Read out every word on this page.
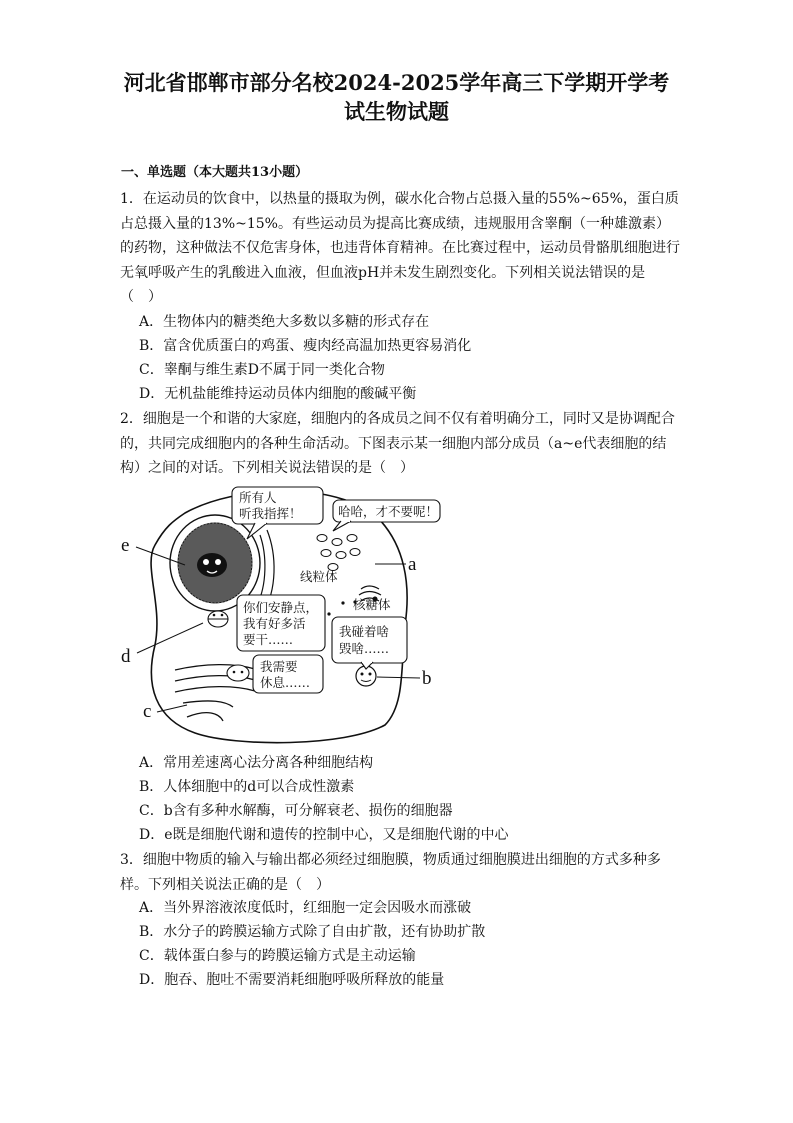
河北省邯郸市部分名校2024-2025学年高三下学期开学考
试生物试题
一、单选题（本大题共13小题）
1．在运动员的饮食中，以热量的摄取为例，碳水化合物占总摄入量的55%~65%，蛋白质占总摄入量的13%~15%。有些运动员为提高比赛成绩，违规服用含睾酮（一种雄激素）的药物，这种做法不仅危害身体，也违背体育精神。在比赛过程中，运动员骨骼肌细胞进行无氧呼吸产生的乳酸进入血液，但血液pH并未发生剧烈变化。下列相关说法错误的是（　）
A．生物体内的糖类绝大多数以多糖的形式存在
B．富含优质蛋白的鸡蛋、瘦肉经高温加热更容易消化
C．睾酮与维生素D不属于同一类化合物
D．无机盐能维持运动员体内细胞的酸碱平衡
2．细胞是一个和谐的大家庭，细胞内的各成员之间不仅有着明确分工，同时又是协调配合的，共同完成细胞内的各种生命活动。下图表示某一细胞内部分成员（a~e代表细胞的结构）之间的对话。下列相关说法错误的是（　）
所有人
听我指挥！	哈哈，才不要呢！
你们安静点，
我有好多活
要干……
我碰着啥
毁啥……
我需要
休息……
线粒体
核糖体
a
b
c
d
e
A．常用差速离心法分离各种细胞结构
B．人体细胞中的d可以合成性激素
C．b含有多种水解酶，可分解衰老、损伤的细胞器
D．e既是细胞代谢和遗传的控制中心，又是细胞代谢的中心
3．细胞中物质的输入与输出都必须经过细胞膜，物质通过细胞膜进出细胞的方式多种多样。下列相关说法正确的是（　）
A．当外界溶液浓度低时，红细胞一定会因吸水而涨破
B．水分子的跨膜运输方式除了自由扩散，还有协助扩散
C．载体蛋白参与的跨膜运输方式是主动运输
D．胞吞、胞吐不需要消耗细胞呼吸所释放的能量
